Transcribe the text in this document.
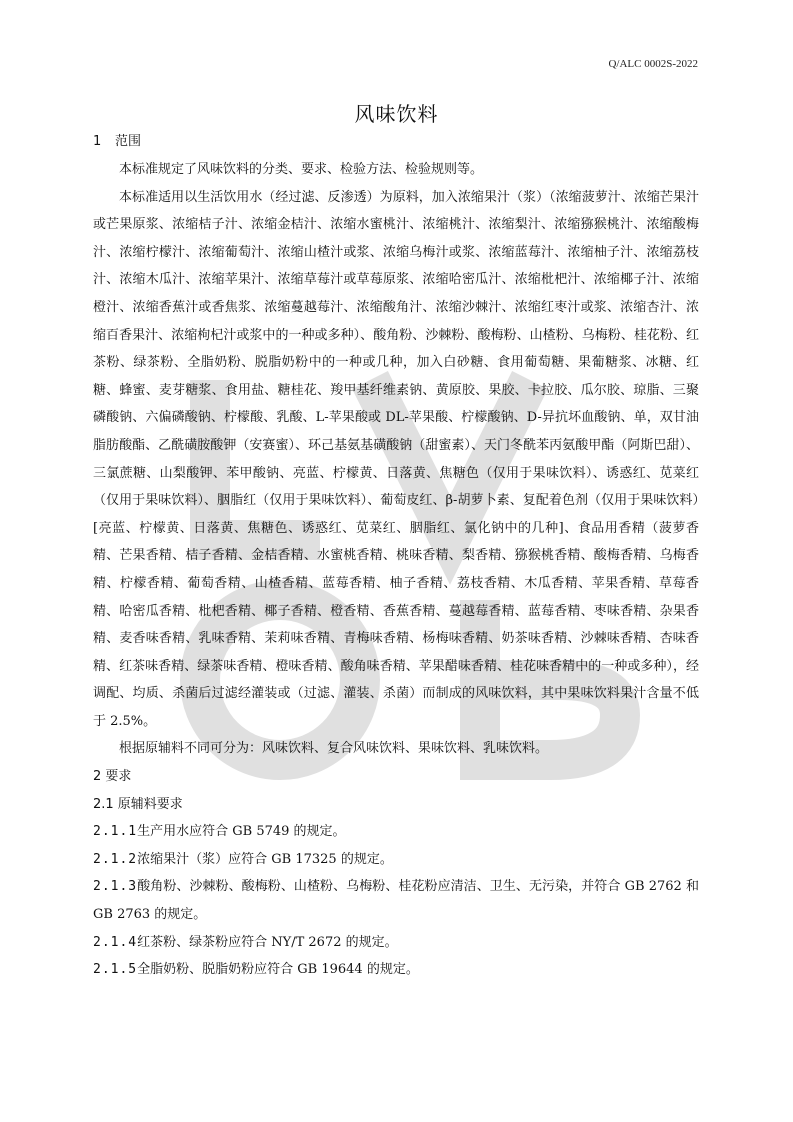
Q/ALC 0002S-2022
风味饮料
1 范围

本标准规定了风味饮料的分类、要求、检验方法、检验规则等。

本标准适用以生活饮用水（经过滤、反渗透）为原料，加入浓缩果汁（浆）（浓缩菠萝汁、浓缩芒果汁或芒果原浆、浓缩桔子汁、浓缩金桔汁、浓缩水蜜桃汁、浓缩桃汁、浓缩梨汁、浓缩猕猴桃汁、浓缩酸梅汁、浓缩柠檬汁、浓缩葡萄汁、浓缩山楂汁或浆、浓缩乌梅汁或浆、浓缩蓝莓汁、浓缩柚子汁、浓缩荔枝汁、浓缩木瓜汁、浓缩苹果汁、浓缩草莓汁或草莓原浆、浓缩哈密瓜汁、浓缩枇杷汁、浓缩椰子汁、浓缩橙汁、浓缩香蕉汁或香焦浆、浓缩蔓越莓汁、浓缩酸角汁、浓缩沙棘汁、浓缩红枣汁或浆、浓缩杏汁、浓缩百香果汁、浓缩枸杞汁或浆中的一种或多种）、酸角粉、沙棘粉、酸梅粉、山楂粉、乌梅粉、桂花粉、红茶粉、绿茶粉、全脂奶粉、脱脂奶粉中的一种或几种，加入白砂糖、食用葡萄糖、果葡糖浆、冰糖、红糖、蜂蜜、麦芽糖浆、食用盐、糖桂花、羧甲基纤维素钠、黄原胶、果胶、卡拉胶、瓜尔胶、琼脂、三聚磷酸钠、六偏磷酸钠、柠檬酸、乳酸、L-苹果酸或 DL-苹果酸、柠檬酸钠、D-异抗坏血酸钠、单，双甘油脂肪酸酯、乙酰磺胺酸钾（安赛蜜）、环己基氨基磺酸钠（甜蜜素）、天门冬酰苯丙氨酸甲酯（阿斯巴甜）、三氯蔗糖、山梨酸钾、苯甲酸钠、亮蓝、柠檬黄、日落黄、焦糖色（仅用于果味饮料）、诱惑红、苋菜红（仅用于果味饮料）、胭脂红（仅用于果味饮料）、葡萄皮红、β-胡萝卜素、复配着色剂（仅用于果味饮料）[亮蓝、柠檬黄、日落黄、焦糖色、诱惑红、苋菜红、胭脂红、氯化钠中的几种]、食品用香精（菠萝香精、芒果香精、桔子香精、金桔香精、水蜜桃香精、桃味香精、梨香精、猕猴桃香精、酸梅香精、乌梅香精、柠檬香精、葡萄香精、山楂香精、蓝莓香精、柚子香精、荔枝香精、木瓜香精、苹果香精、草莓香精、哈密瓜香精、枇杷香精、椰子香精、橙香精、香蕉香精、蔓越莓香精、蓝莓香精、枣味香精、杂果香精、麦香味香精、乳味香精、茉莉味香精、青梅味香精、杨梅味香精、奶茶味香精、沙棘味香精、杏味香精、红茶味香精、绿茶味香精、橙味香精、酸角味香精、苹果醋味香精、桂花味香精中的一种或多种），经调配、均质、杀菌后过滤经灌装或（过滤、灌装、杀菌）而制成的风味饮料，其中果味饮料果汁含量不低于 2.5%。

根据原辅料不同可分为：风味饮料、复合风味饮料、果味饮料、乳味饮料。

2 要求
2.1 原辅料要求

2.1.1生产用水应符合 GB 5749 的规定。

2.1.2浓缩果汁（浆）应符合 GB 17325 的规定。

2.1.3酸角粉、沙棘粉、酸梅粉、山楂粉、乌梅粉、桂花粉应清洁、卫生、无污染，并符合 GB 2762 和 GB 2763 的规定。

2.1.4红茶粉、绿茶粉应符合 NY/T 2672 的规定。

2.1.5全脂奶粉、脱脂奶粉应符合 GB 19644 的规定。
